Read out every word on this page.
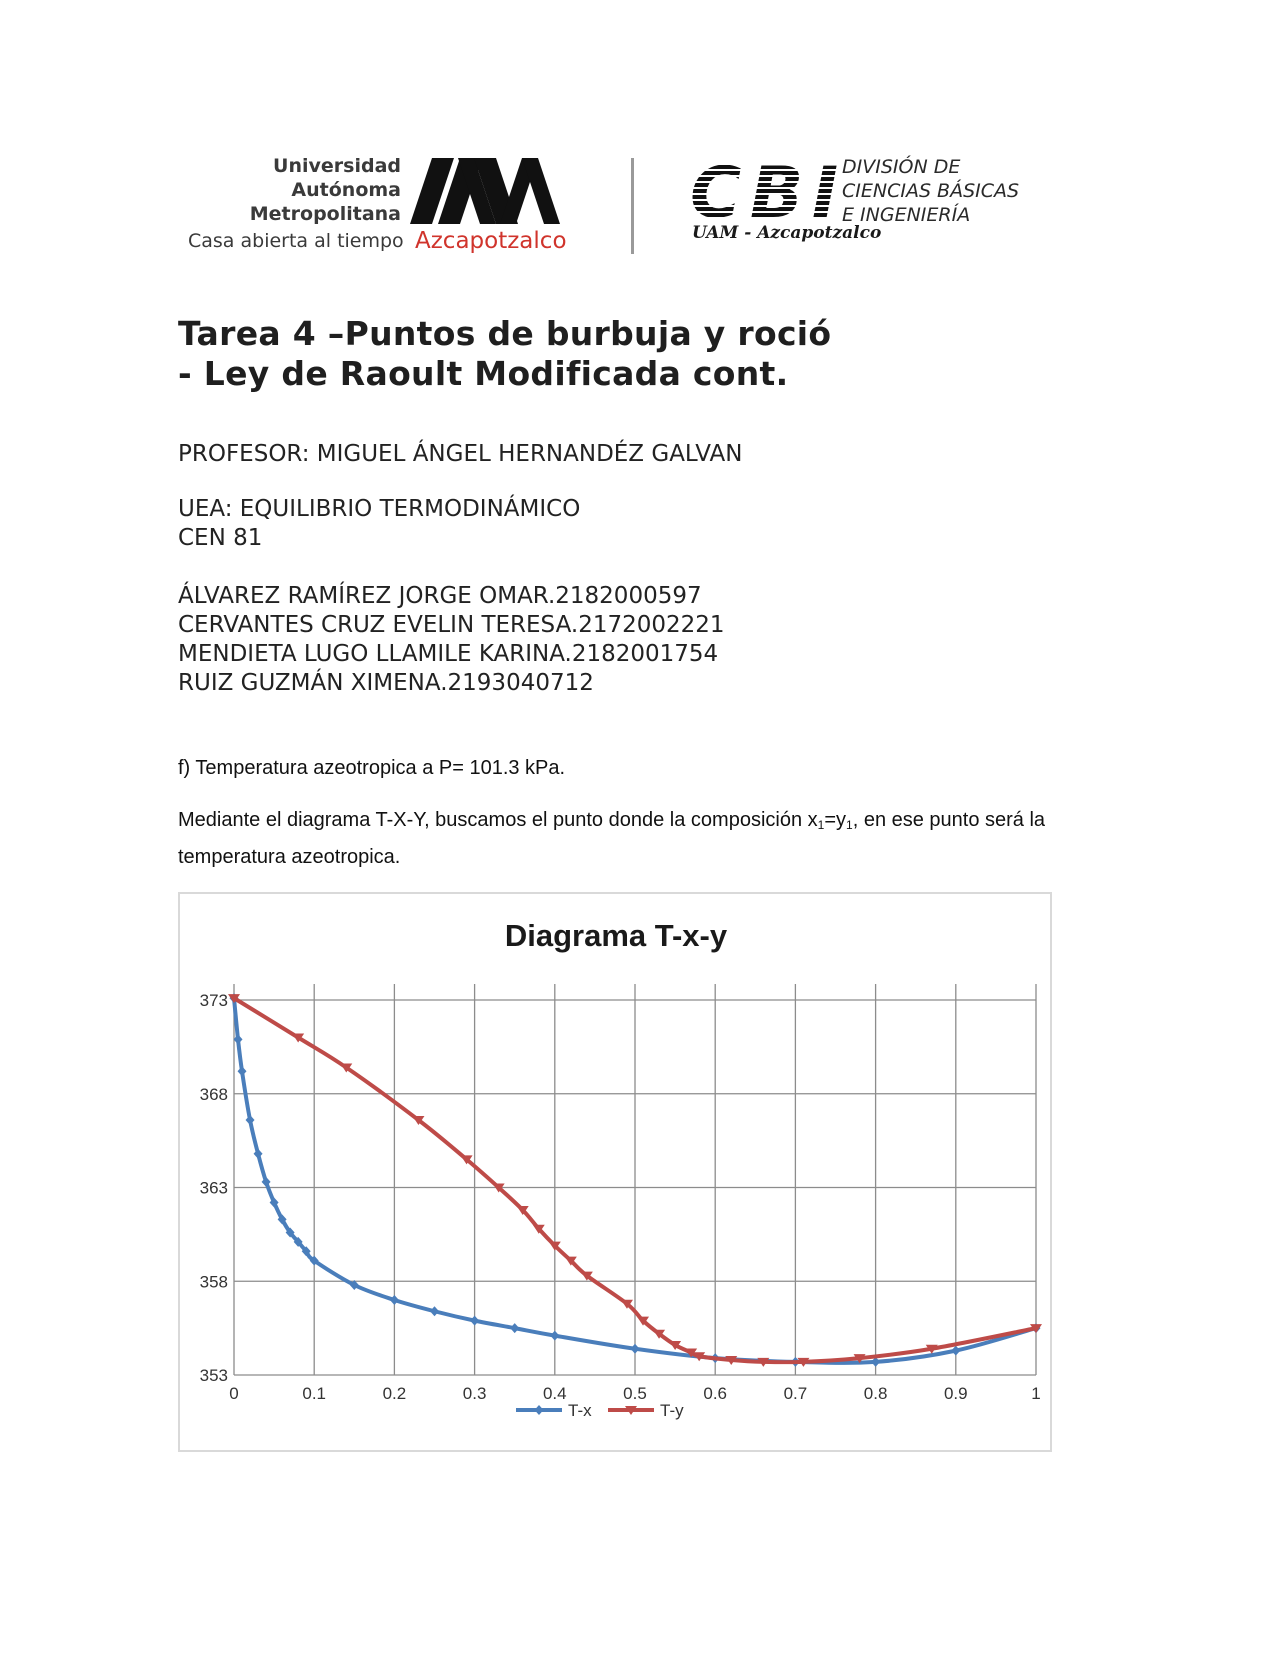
Universidad
Autónoma
Metropolitana
Casa abierta al tiempo Azcapotzalco
CBI DIVISIÓN DE
CIENCIAS BÁSICAS
E INGENIERÍA
UAM - Azcapotzalco
Tarea 4 –Puntos de burbuja y roció
- Ley de Raoult Modificada cont.
PROFESOR: MIGUEL ÁNGEL HERNANDÉZ GALVAN
UEA: EQUILIBRIO TERMODINÁMICO
CEN 81
ÁLVAREZ RAMÍREZ JORGE OMAR.2182000597
CERVANTES CRUZ EVELIN TERESA.2172002221
MENDIETA LUGO LLAMILE KARINA.2182001754
RUIZ GUZMÁN XIMENA.2193040712
f) Temperatura azeotropica a P= 101.3 kPa.
Mediante el diagrama T-X-Y, buscamos el punto donde la composición $x_1=y_1$, en ese punto será la temperatura azeotropica.
Diagrama T-x-y
0	0.1	0.2	0.3	0.4	0.5	0.6	0.7	0.8	0.9	1
353
358
363
368
373
T-x	T-y
